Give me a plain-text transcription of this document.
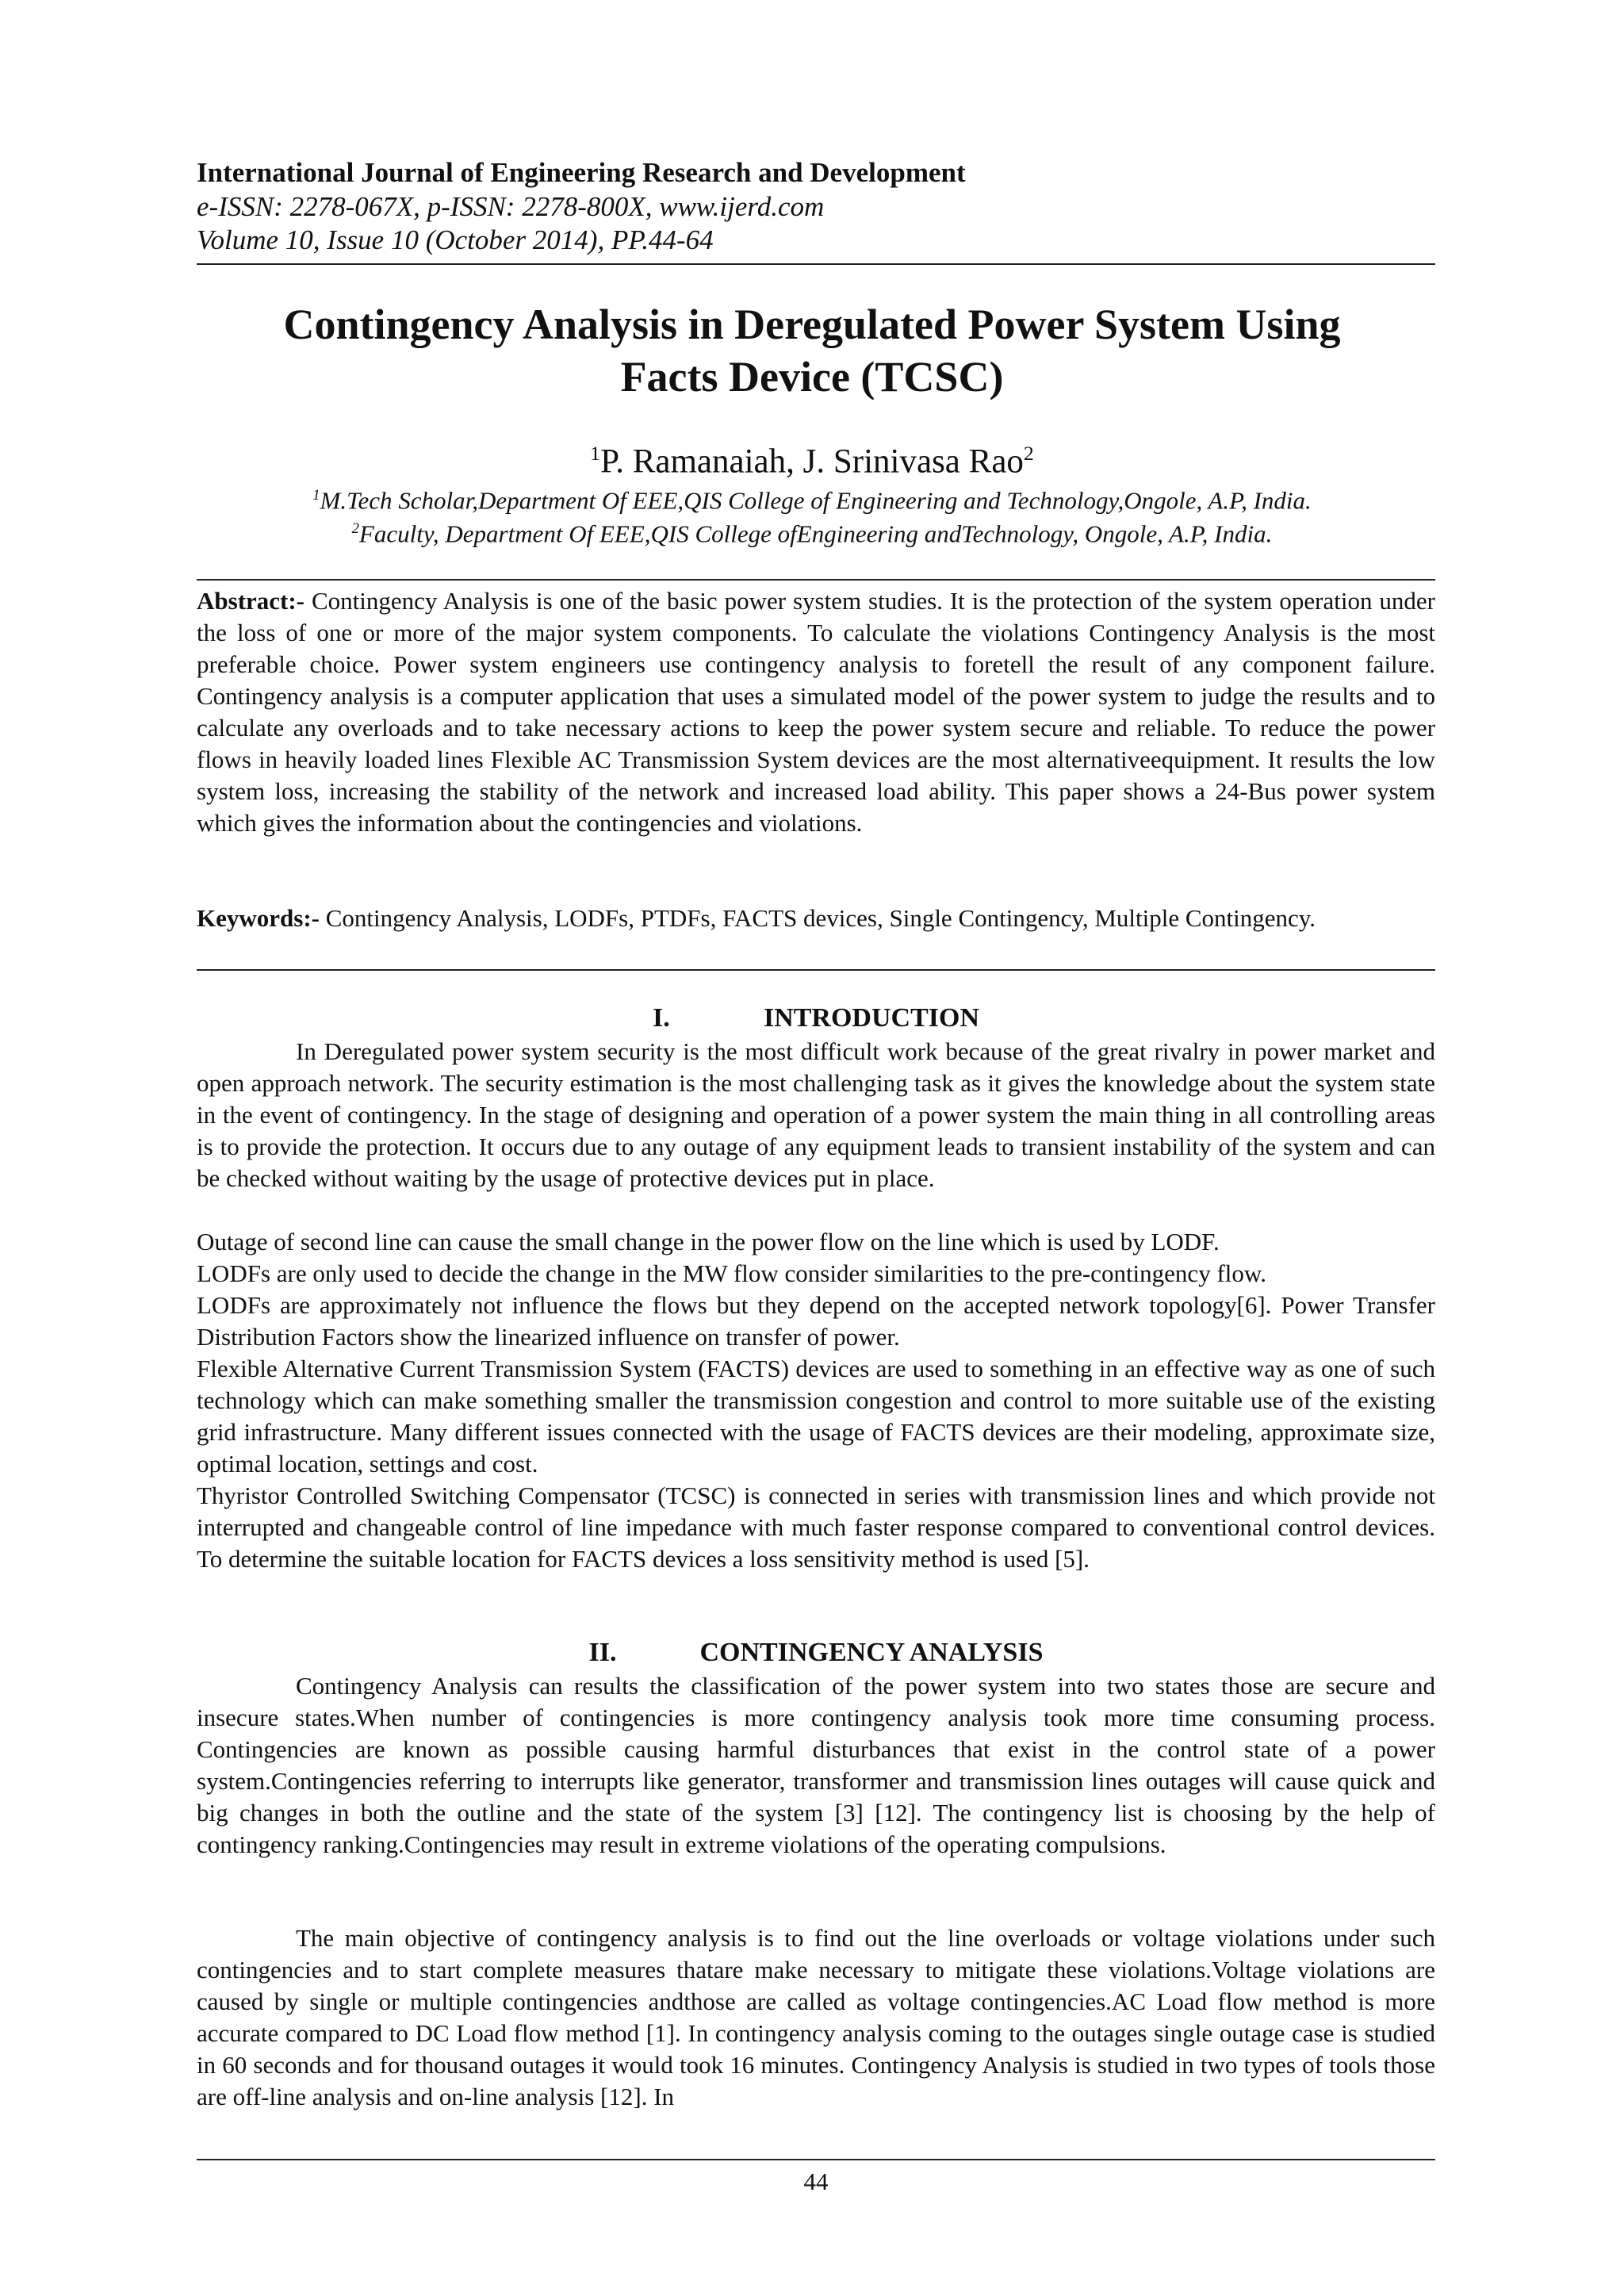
International Journal of Engineering Research and Development

e-ISSN: 2278-067X, p-ISSN: 2278-800X, www.ijerd.com

Volume 10, Issue 10 (October 2014), PP.44-64

Contingency Analysis in Deregulated Power System Using
Facts Device (TCSC)
$^1$P. Ramanaiah, J. Srinivasa Rao$^2$
$^1$M.Tech Scholar,Department Of EEE,QIS College of Engineering and Technology,Ongole, A.P, India.
$^2$Faculty, Department Of EEE,QIS College ofEngineering andTechnology, Ongole, A.P, India.

Abstract:- Contingency Analysis is one of the basic power system studies. It is the protection of the system operation under the loss of one or more of the major system components. To calculate the violations Contingency Analysis is the most preferable choice. Power system engineers use contingency analysis to foretell the result of any component failure. Contingency analysis is a computer application that uses a simulated model of the power system to judge the results and to calculate any overloads and to take necessary actions to keep the power system secure and reliable. To reduce the power flows in heavily loaded lines Flexible AC Transmission System devices are the most alternativeequipment. It results the low system loss, increasing the stability of the network and increased load ability. This paper shows a 24-Bus power system which gives the information about the contingencies and violations.

Keywords:- Contingency Analysis, LODFs, PTDFs, FACTS devices, Single Contingency, Multiple Contingency.

I.	INTRODUCTION

In Deregulated power system security is the most difficult work because of the great rivalry in power market and open approach network. The security estimation is the most challenging task as it gives the knowledge about the system state in the event of contingency. In the stage of designing and operation of a power system the main thing in all controlling areas is to provide the protection. It occurs due to any outage of any equipment leads to transient instability of the system and can be checked without waiting by the usage of protective devices put in place.

Outage of second line can cause the small change in the power flow on the line which is used by LODF.

LODFs are only used to decide the change in the MW flow consider similarities to the pre-contingency flow.

LODFs are approximately not influence the flows but they depend on the accepted network topology[6]. Power Transfer Distribution Factors show the linearized influence on transfer of power.

Flexible Alternative Current Transmission System (FACTS) devices are used to something in an effective way as one of such technology which can make something smaller the transmission congestion and control to more suitable use of the existing grid infrastructure. Many different issues connected with the usage of FACTS devices are their modeling, approximate size, optimal location, settings and cost.

Thyristor Controlled Switching Compensator (TCSC) is connected in series with transmission lines and which provide not interrupted and changeable control of line impedance with much faster response compared to conventional control devices. To determine the suitable location for FACTS devices a loss sensitivity method is used [5].

II.	CONTINGENCY ANALYSIS

Contingency Analysis can results the classification of the power system into two states those are secure and insecure states.When number of contingencies is more contingency analysis took more time consuming process. Contingencies are known as possible causing harmful disturbances that exist in the control state of a power system.Contingencies referring to interrupts like generator, transformer and transmission lines outages will cause quick and big changes in both the outline and the state of the system [3] [12]. The contingency list is choosing by the help of contingency ranking.Contingencies may result in extreme violations of the operating compulsions.

The main objective of contingency analysis is to find out the line overloads or voltage violations under such contingencies and to start complete measures thatare make necessary to mitigate these violations.Voltage violations are caused by single or multiple contingencies andthose are called as voltage contingencies.AC Load flow method is more accurate compared to DC Load flow method [1]. In contingency analysis coming to the outages single outage case is studied in 60 seconds and for thousand outages it would took 16 minutes. Contingency Analysis is studied in two types of tools those are off-line analysis and on-line analysis [12]. In

44
